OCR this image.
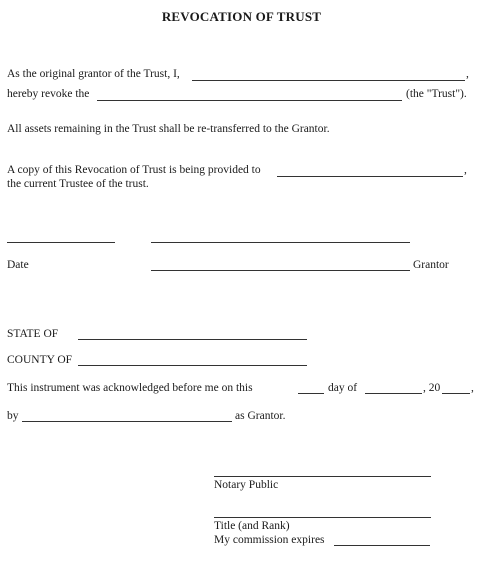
REVOCATION OF TRUST
As the original grantor of the Trust, I,	,
hereby revoke the	(the "Trust").
All assets remaining in the Trust shall be re-transferred to the Grantor.
A copy of this Revocation of Trust is being provided to	,
the current Trustee of the trust.
Date	Grantor
STATE OF
COUNTY OF
This instrument was acknowledged before me on this	day of	, 20	,
by	as Grantor.
Notary Public
Title (and Rank)
My commission expires
